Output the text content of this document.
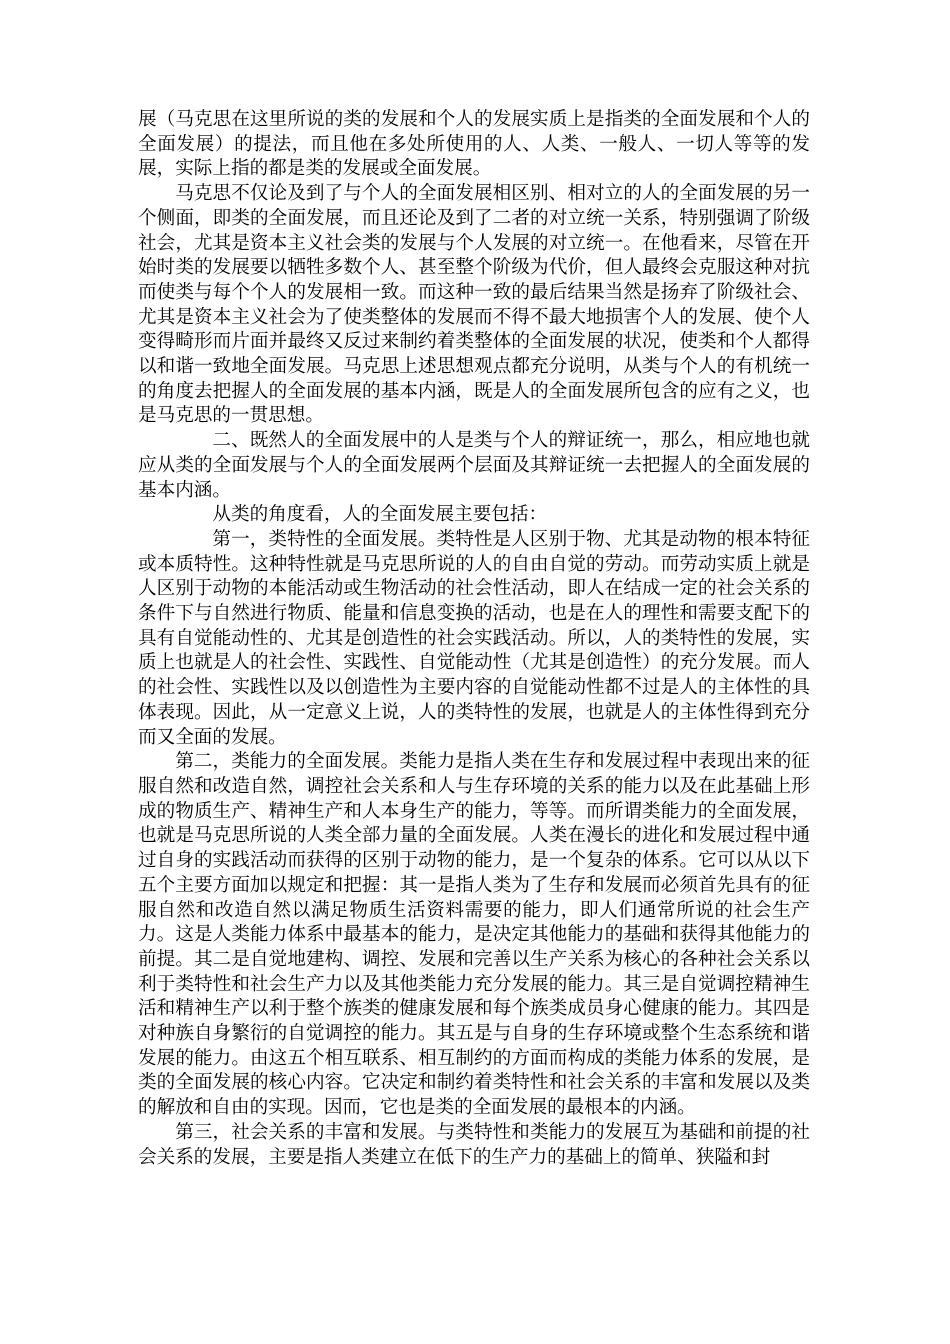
展（马克思在这里所说的类的发展和个人的发展实质上是指类的全面发展和个人的全面发展）的提法，而且他在多处所使用的人、人类、一般人、一切人等等的发展，实际上指的都是类的发展或全面发展。

马克思不仅论及到了与个人的全面发展相区别、相对立的人的全面发展的另一个侧面，即类的全面发展，而且还论及到了二者的对立统一关系，特别强调了阶级社会，尤其是资本主义社会类的发展与个人发展的对立统一。在他看来，尽管在开始时类的发展要以牺牲多数个人、甚至整个阶级为代价，但人最终会克服这种对抗而使类与每个个人的发展相一致。而这种一致的最后结果当然是扬弃了阶级社会、尤其是资本主义社会为了使类整体的发展而不得不最大地损害个人的发展、使个人变得畸形而片面并最终又反过来制约着类整体的全面发展的状况，使类和个人都得以和谐一致地全面发展。马克思上述思想观点都充分说明，从类与个人的有机统一的角度去把握人的全面发展的基本内涵，既是人的全面发展所包含的应有之义，也是马克思的一贯思想。

二、既然人的全面发展中的人是类与个人的辩证统一，那么，相应地也就应从类的全面发展与个人的全面发展两个层面及其辩证统一去把握人的全面发展的基本内涵。

从类的角度看，人的全面发展主要包括：

第一，类特性的全面发展。类特性是人区别于物、尤其是动物的根本特征或本质特性。这种特性就是马克思所说的人的自由自觉的劳动。而劳动实质上就是人区别于动物的本能活动或生物活动的社会性活动，即人在结成一定的社会关系的条件下与自然进行物质、能量和信息变换的活动，也是在人的理性和需要支配下的具有自觉能动性的、尤其是创造性的社会实践活动。所以，人的类特性的发展，实质上也就是人的社会性、实践性、自觉能动性（尤其是创造性）的充分发展。而人的社会性、实践性以及以创造性为主要内容的自觉能动性都不过是人的主体性的具体表现。因此，从一定意义上说，人的类特性的发展，也就是人的主体性得到充分而又全面的发展。

第二，类能力的全面发展。类能力是指人类在生存和发展过程中表现出来的征服自然和改造自然，调控社会关系和人与生存环境的关系的能力以及在此基础上形成的物质生产、精神生产和人本身生产的能力，等等。而所谓类能力的全面发展，也就是马克思所说的人类全部力量的全面发展。人类在漫长的进化和发展过程中通过自身的实践活动而获得的区别于动物的能力，是一个复杂的体系。它可以从以下五个主要方面加以规定和把握：其一是指人类为了生存和发展而必须首先具有的征服自然和改造自然以满足物质生活资料需要的能力，即人们通常所说的社会生产力。这是人类能力体系中最基本的能力，是决定其他能力的基础和获得其他能力的前提。其二是自觉地建构、调控、发展和完善以生产关系为核心的各种社会关系以利于类特性和社会生产力以及其他类能力充分发展的能力。其三是自觉调控精神生活和精神生产以利于整个族类的健康发展和每个族类成员身心健康的能力。其四是对种族自身繁衍的自觉调控的能力。其五是与自身的生存环境或整个生态系统和谐发展的能力。由这五个相互联系、相互制约的方面而构成的类能力体系的发展，是类的全面发展的核心内容。它决定和制约着类特性和社会关系的丰富和发展以及类的解放和自由的实现。因而，它也是类的全面发展的最根本的内涵。

第三，社会关系的丰富和发展。与类特性和类能力的发展互为基础和前提的社会关系的发展，主要是指人类建立在低下的生产力的基础上的简单、狭隘和封
